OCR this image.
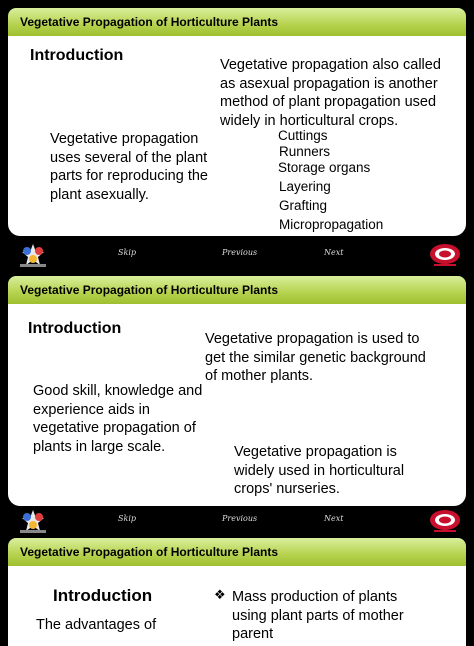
Vegetative Propagation of Horticulture Plants
Introduction
Vegetative propagation also called as asexual propagation is another method of plant propagation used widely in horticultural crops.
Vegetative propagation uses several of the plant parts for reproducing the plant asexually.
Cuttings
Runners
Storage organs
Layering
Grafting
Micropropagation
Skip	Previous	Next
Vegetative Propagation of Horticulture Plants
Introduction
Vegetative propagation is used to get the similar genetic background of mother plants.
Good skill, knowledge and experience aids in vegetative propagation of plants in large scale.	Vegetative propagation is widely used in horticultural crops' nurseries.
Skip	Previous	Next
Vegetative Propagation of Horticulture Plants
Introduction
The advantages of
❖ Mass production of plants using plant parts of mother parent
